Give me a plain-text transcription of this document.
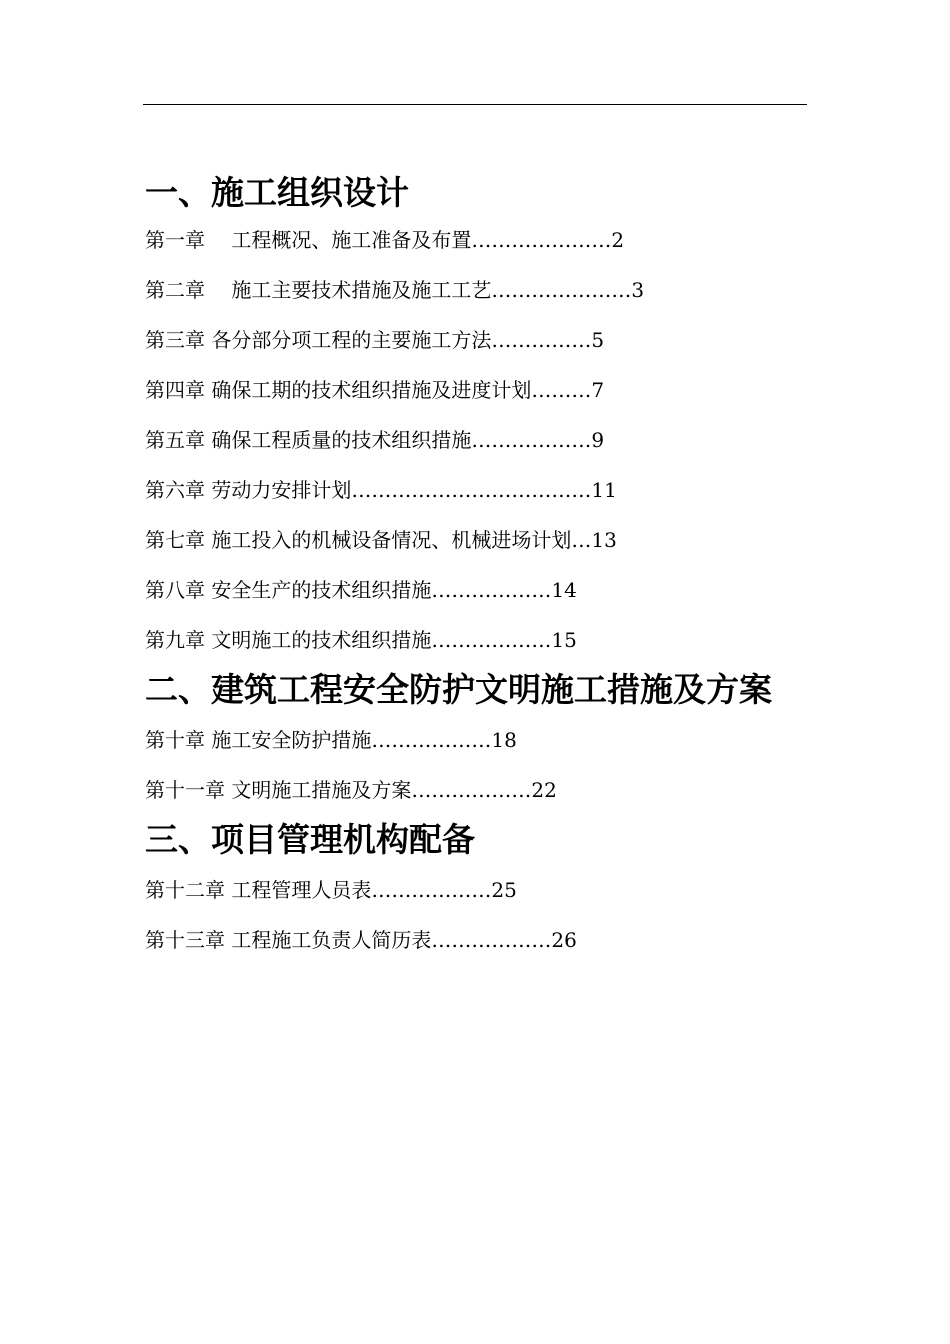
一、施工组织设计
第一章　 工程概况、施工准备及布置…………………2
第二章　 施工主要技术措施及施工工艺…………………3
第三章 各分部分项工程的主要施工方法……………5
第四章 确保工期的技术组织措施及进度计划………7
第五章 确保工程质量的技术组织措施………………9
第六章 劳动力安排计划………………………………11
第七章 施工投入的机械设备情况、机械进场计划…13
第八章 安全生产的技术组织措施………………14
第九章 文明施工的技术组织措施………………15
二、建筑工程安全防护文明施工措施及方案
第十章 施工安全防护措施………………18
第十一章 文明施工措施及方案………………22
三、项目管理机构配备
第十二章 工程管理人员表………………25
第十三章 工程施工负责人简历表………………26
